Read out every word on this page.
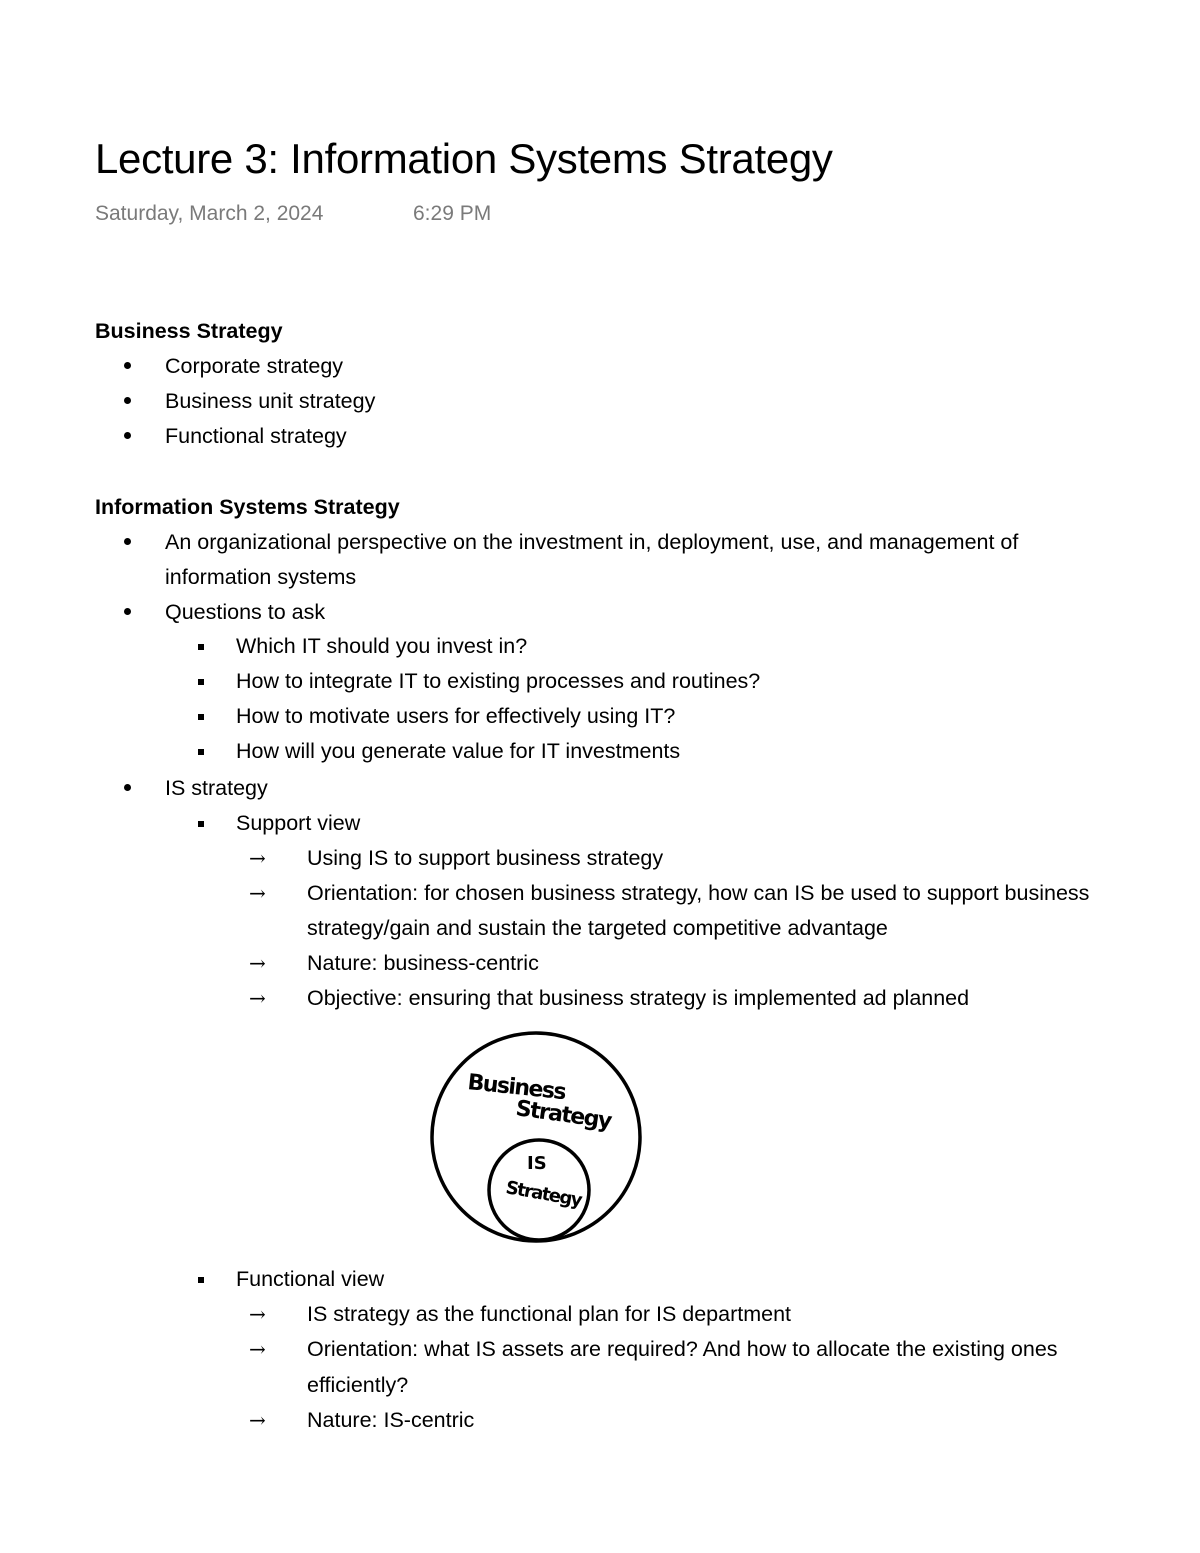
Lecture 3: Information Systems Strategy
Saturday, March 2, 2024	6:29 PM
Business Strategy
Corporate strategy
Business unit strategy
Functional strategy
Information Systems Strategy
An organizational perspective on the investment in, deployment, use, and management of
information systems
Questions to ask
Which IT should you invest in?
How to integrate IT to existing processes and routines?
How to motivate users for effectively using IT?
How will you generate value for IT investments
IS strategy
Support view
→ Using IS to support business strategy
→ Orientation: for chosen business strategy, how can IS be used to support business
strategy/gain and sustain the targeted competitive advantage
→ Nature: business-centric
→ Objective: ensuring that business strategy is implemented ad planned
Business
Strategy
IS
Strategy
Functional view
→ IS strategy as the functional plan for IS department
→ Orientation: what IS assets are required? And how to allocate the existing ones
efficiently?
→ Nature: IS-centric
